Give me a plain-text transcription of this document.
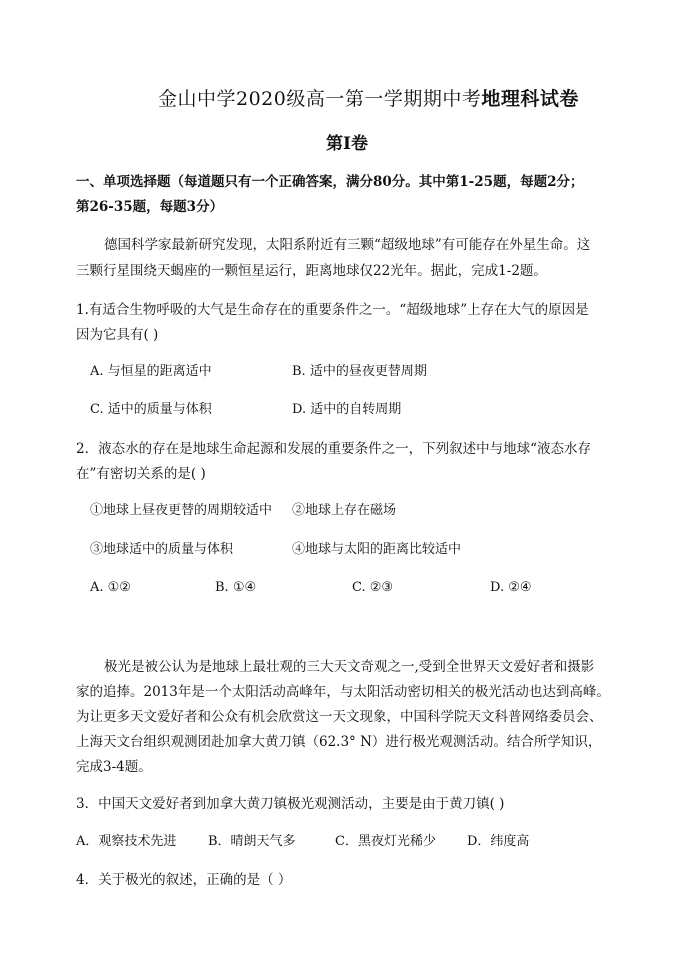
金山中学2020级高一第一学期期中考地理科试卷
第Ⅰ卷
一、单项选择题（每道题只有一个正确答案，满分80分。其中第1-25题，每题2分；
第26-35题，每题3分）
德国科学家最新研究发现，太阳系附近有三颗“超级地球”有可能存在外星生命。这
三颗行星围绕天蝎座的一颗恒星运行，距离地球仅22光年。据此，完成1-2题。
1.有适合生物呼吸的大气是生命存在的重要条件之一。“超级地球”上存在大气的原因是
因为它具有( )
A. 与恒星的距离适中	B. 适中的昼夜更替周期
C. 适中的质量与体积	D. 适中的自转周期
2．液态水的存在是地球生命起源和发展的重要条件之一，下列叙述中与地球“液态水存
在”有密切关系的是( )
①地球上昼夜更替的周期较适中 ②地球上存在磁场
③地球适中的质量与体积	④地球与太阳的距离比较适中
A. ①②	B. ①④	C. ②③	D. ②④
极光是被公认为是地球上最壮观的三大天文奇观之一,受到全世界天文爱好者和摄影
家的追捧。2013年是一个太阳活动高峰年，与太阳活动密切相关的极光活动也达到高峰。
为让更多天文爱好者和公众有机会欣赏这一天文现象，中国科学院天文科普网络委员会、
上海天文台组织观测团赴加拿大黄刀镇（62.3° N）进行极光观测活动。结合所学知识，
完成3-4题。
3．中国天文爱好者到加拿大黄刀镇极光观测活动，主要是由于黄刀镇( )
A．观察技术先进 B．晴朗天气多	C．黑夜灯光稀少 D．纬度高
4．关于极光的叙述，正确的是（ ）
